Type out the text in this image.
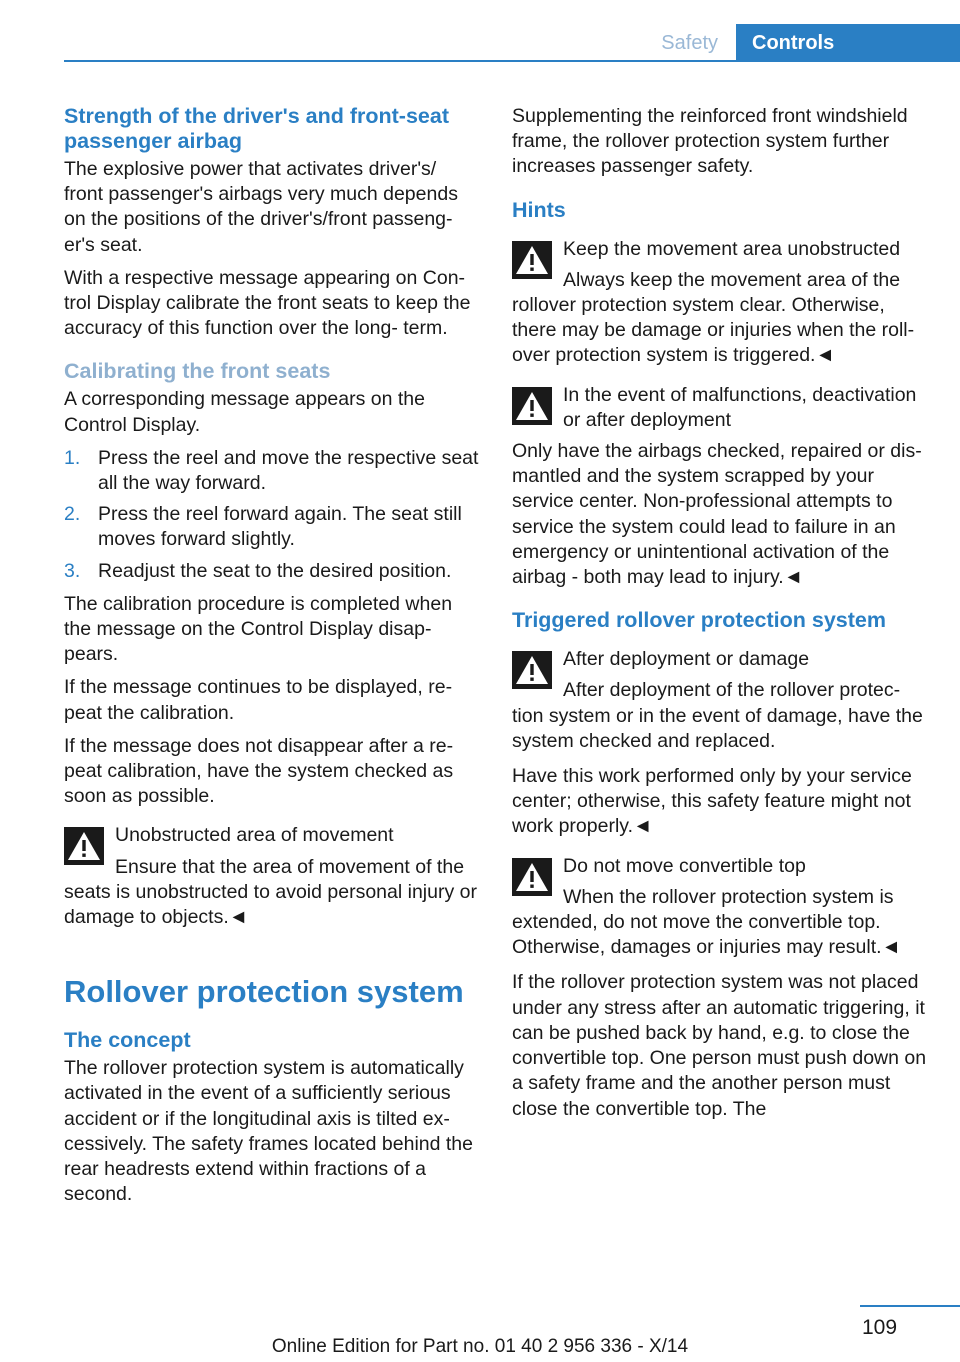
Safety	Controls
Strength of the driver's and front-seat passenger airbag

The explosive power that activates driver's/ front passenger's airbags very much depends on the positions of the driver's/front passeng‐ er's seat.

With a respective message appearing on Con‐ trol Display calibrate the front seats to keep the accuracy of this function over the long- term.

Calibrating the front seats

A corresponding message appears on the Control Display.

1. Press the reel and move the respective seat all the way forward.
2. Press the reel forward again. The seat still moves forward slightly.
3. Readjust the seat to the desired position.

The calibration procedure is completed when the message on the Control Display disap‐ pears.

If the message continues to be displayed, re‐ peat the calibration.

If the message does not disappear after a re‐ peat calibration, have the system checked as soon as possible.

Unobstructed area of movement
Ensure that the area of movement of the
seats is unobstructed to avoid personal injury or damage to objects.◄
Rollover protection system
The concept

The rollover protection system is automatically activated in the event of a sufficiently serious accident or if the longitudinal axis is tilted ex‐ cessively. The safety frames located behind the rear headrests extend within fractions of a second.

Supplementing the reinforced front windshield frame, the rollover protection system further increases passenger safety.

Hints
Keep the movement area unobstructed
Always keep the movement area of the
rollover protection system clear. Otherwise, there may be damage or injuries when the roll‐ over protection system is triggered.◄
In the event of malfunctions, deactivation or after deployment
Only have the airbags checked, repaired or dis‐ mantled and the system scrapped by your service center. Non-professional attempts to service the system could lead to failure in an emergency or unintentional activation of the airbag - both may lead to injury.◄
Triggered rollover protection system
After deployment or damage
After deployment of the rollover protec‐
tion system or in the event of damage, have the system checked and replaced.

Have this work performed only by your service center; otherwise, this safety feature might not work properly.◄

Do not move convertible top
When the rollover protection system is
extended, do not move the convertible top. Otherwise, damages or injuries may result.◄

If the rollover protection system was not placed under any stress after an automatic triggering, it can be pushed back by hand, e.g. to close the convertible top. One person must push down on a safety frame and the another person must close the convertible top. The

109
Online Edition for Part no. 01 40 2 956 336 - X/14
